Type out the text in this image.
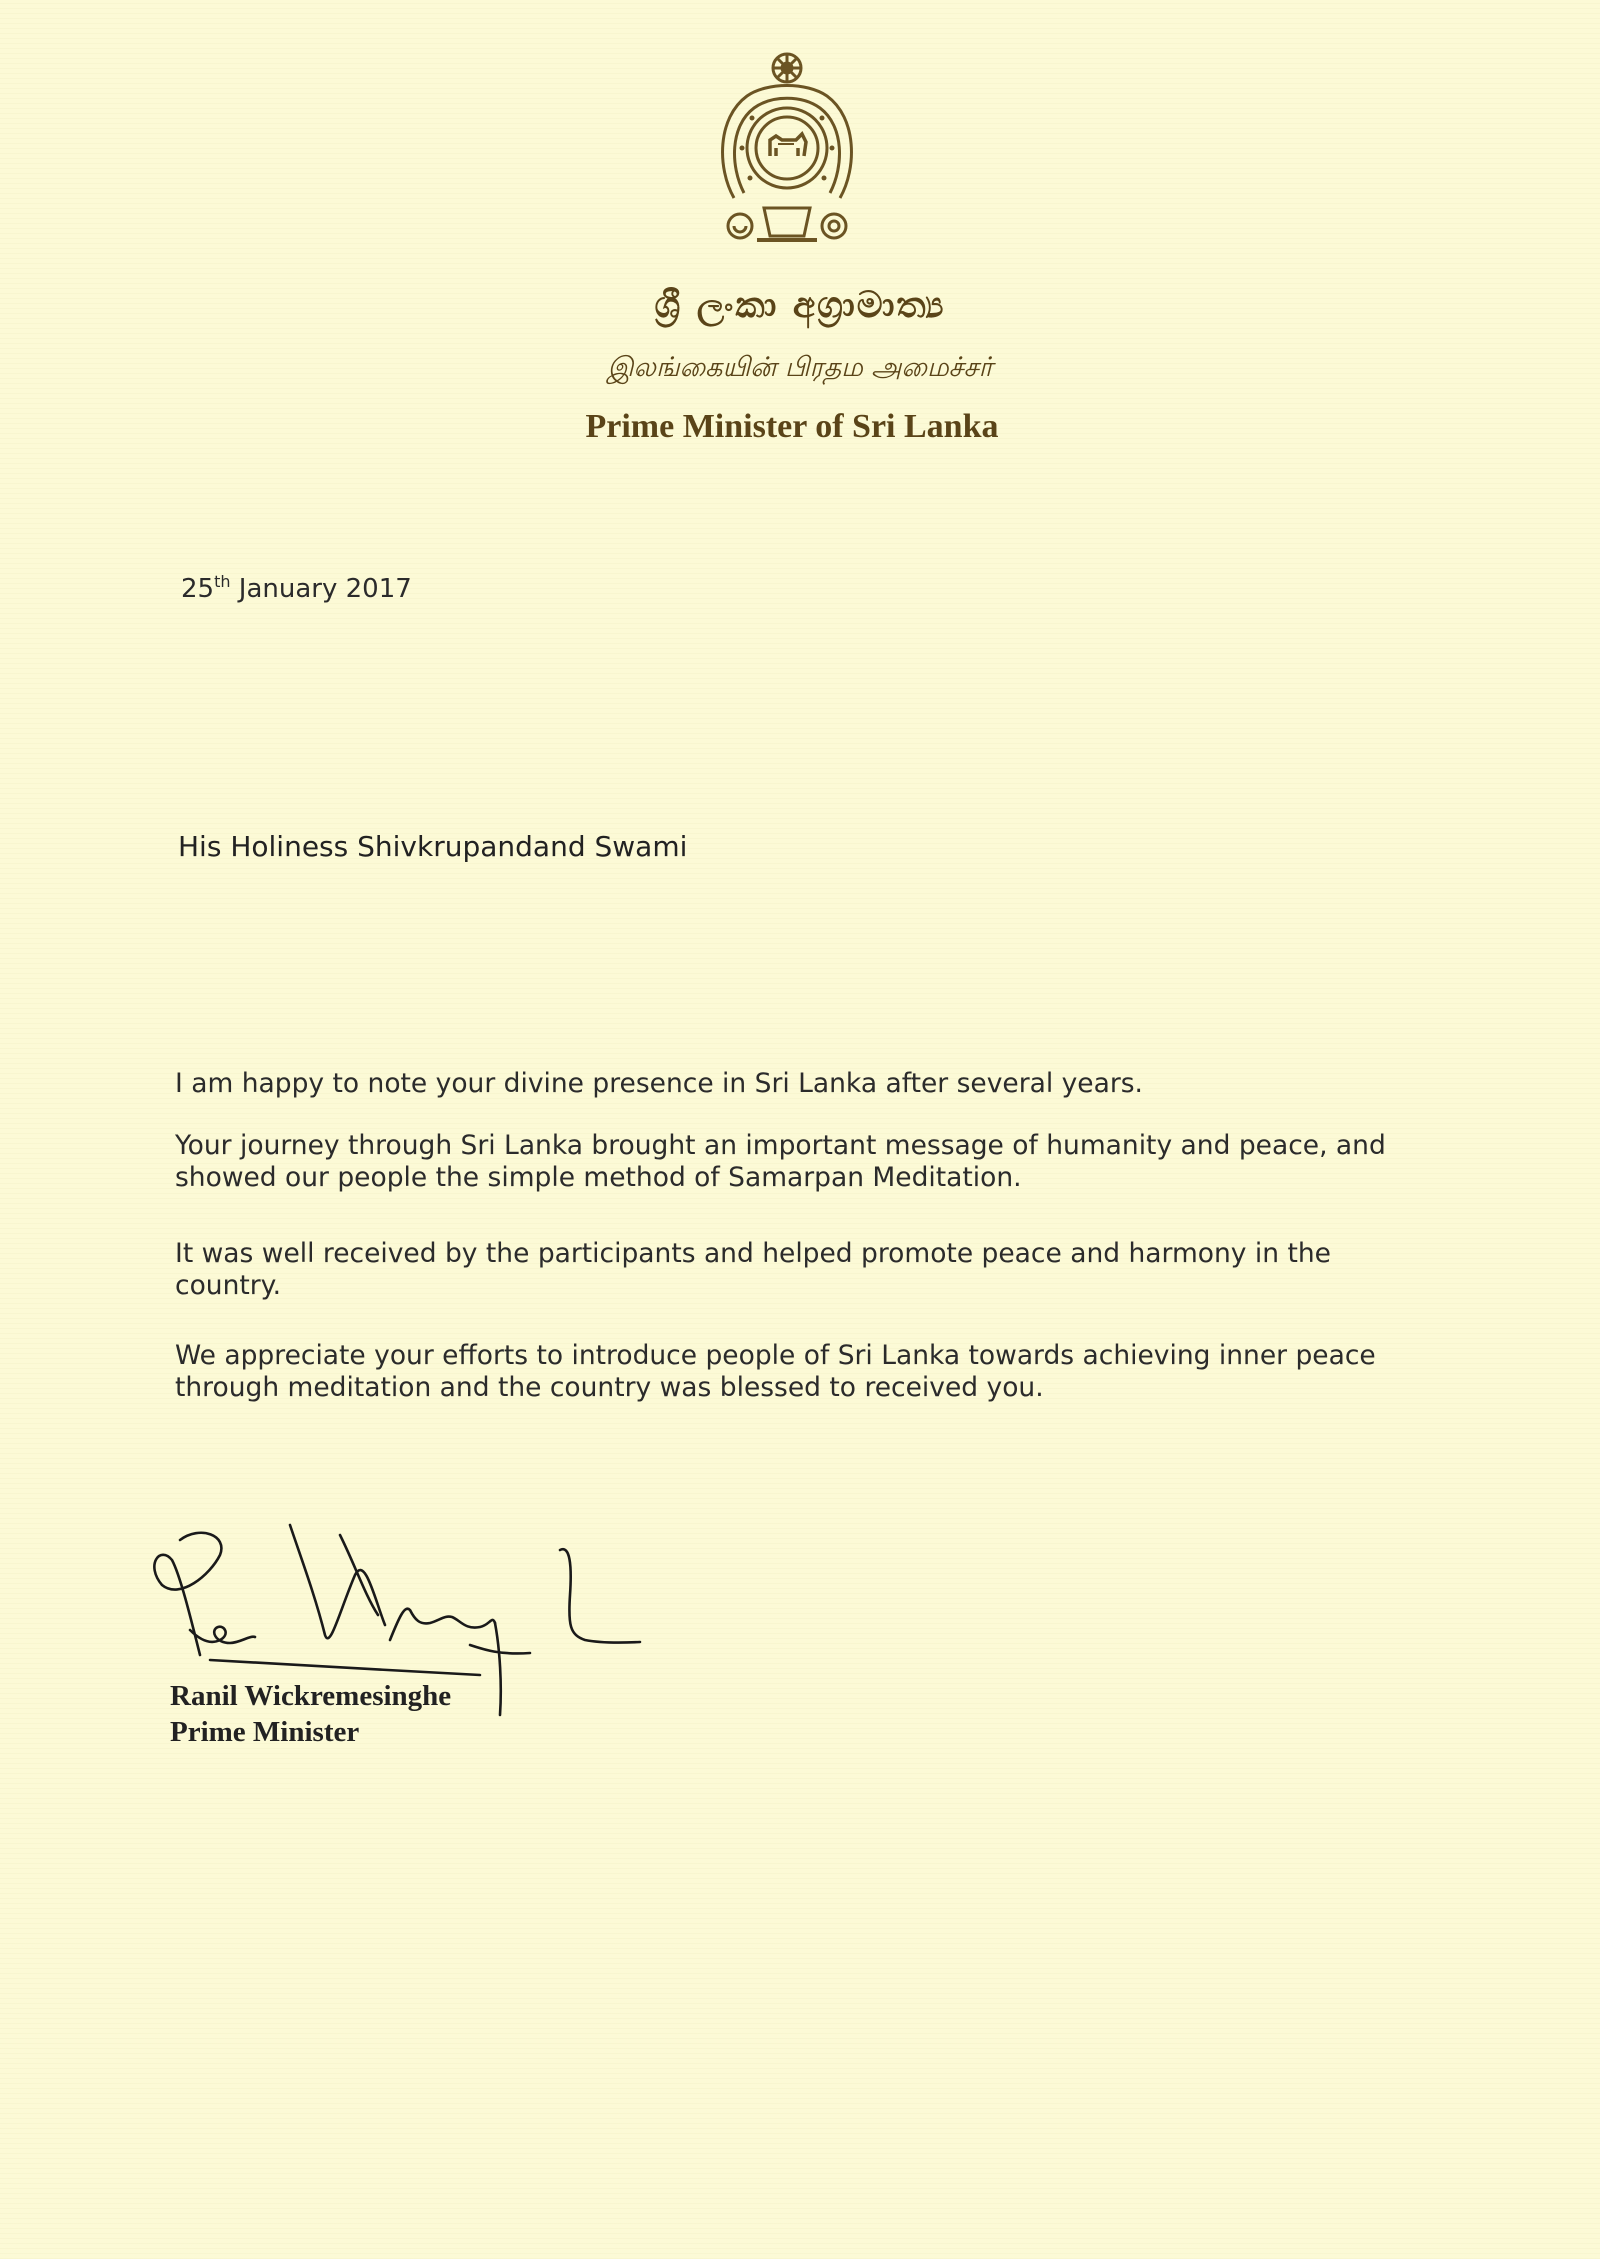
ශ්‍රී ලංකා අග්‍රාමාත්‍ය
இலங்கையின் பிரதம அமைச்சர்
Prime Minister of Sri Lanka
25th January 2017
His Holiness Shivkrupandand Swami
I am happy to note your divine presence in Sri Lanka after several years.
Your journey through Sri Lanka brought an important message of humanity and peace, and showed our people the simple method of Samarpan Meditation.
It was well received by the participants and helped promote peace and harmony in the country.
We appreciate your efforts to introduce people of Sri Lanka towards achieving inner peace through meditation and the country was blessed to received you.
Ranil Wickremesinghe
Prime Minister
